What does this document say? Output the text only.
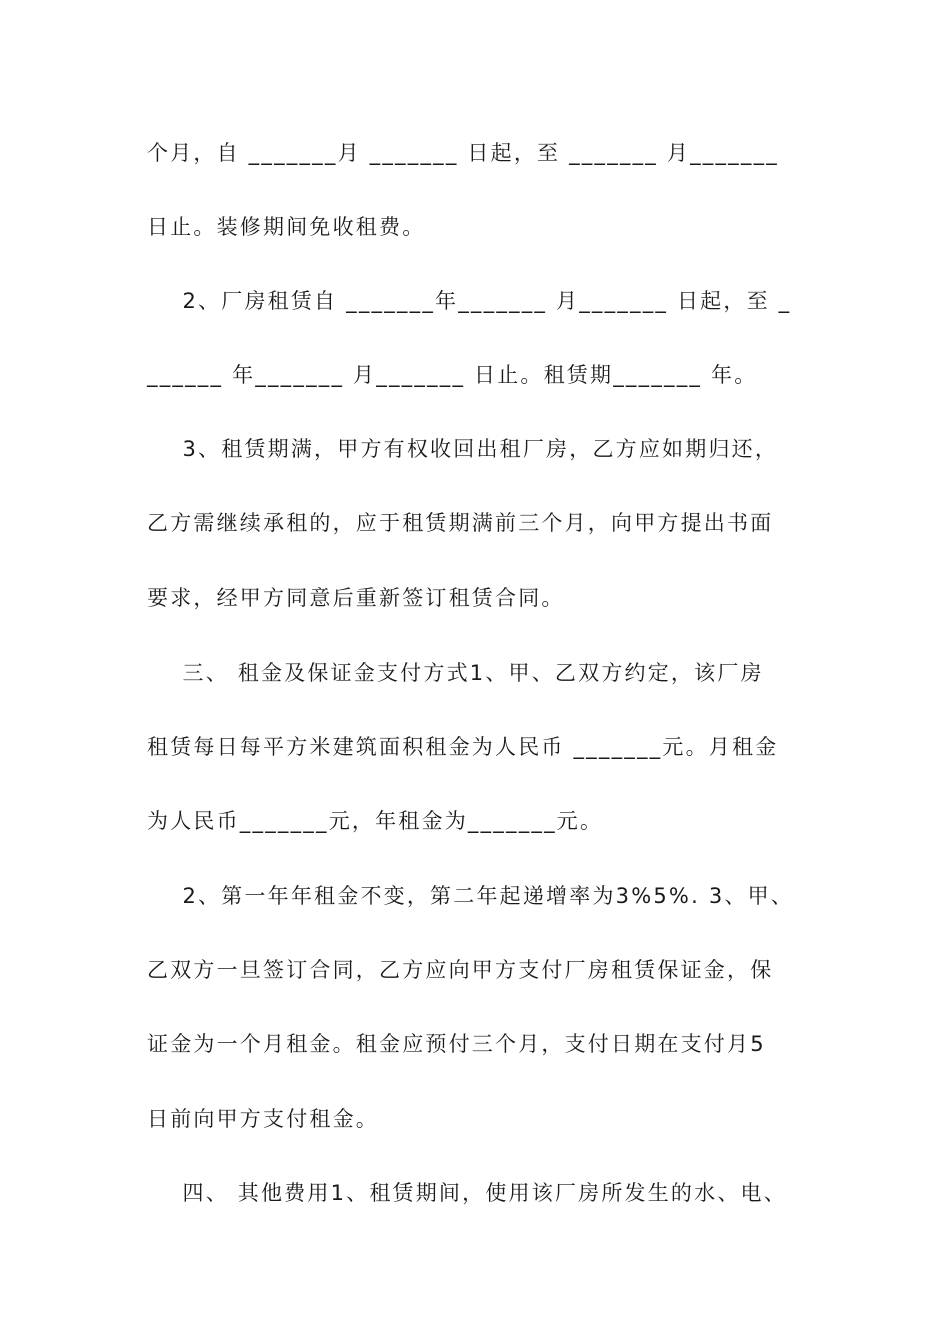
个月，自 _______月 _______ 日起，至 _______ 月_______
日止。装修期间免收租费。
2、厂房租赁自 _______年_______ 月_______ 日起，至 _
______ 年_______ 月_______ 日止。租赁期_______ 年。
3、租赁期满，甲方有权收回出租厂房，乙方应如期归还，
乙方需继续承租的，应于租赁期满前三个月，向甲方提出书面
要求，经甲方同意后重新签订租赁合同。
三、 租金及保证金支付方式1、甲、乙双方约定，该厂房
租赁每日每平方米建筑面积租金为人民币 _______元。月租金
为人民币_______元，年租金为_______元。
2、第一年年租金不变，第二年起递增率为3%5%. 3、甲、
乙双方一旦签订合同，乙方应向甲方支付厂房租赁保证金，保
证金为一个月租金。租金应预付三个月，支付日期在支付月5
日前向甲方支付租金。
四、 其他费用1、租赁期间，使用该厂房所发生的水、电、
